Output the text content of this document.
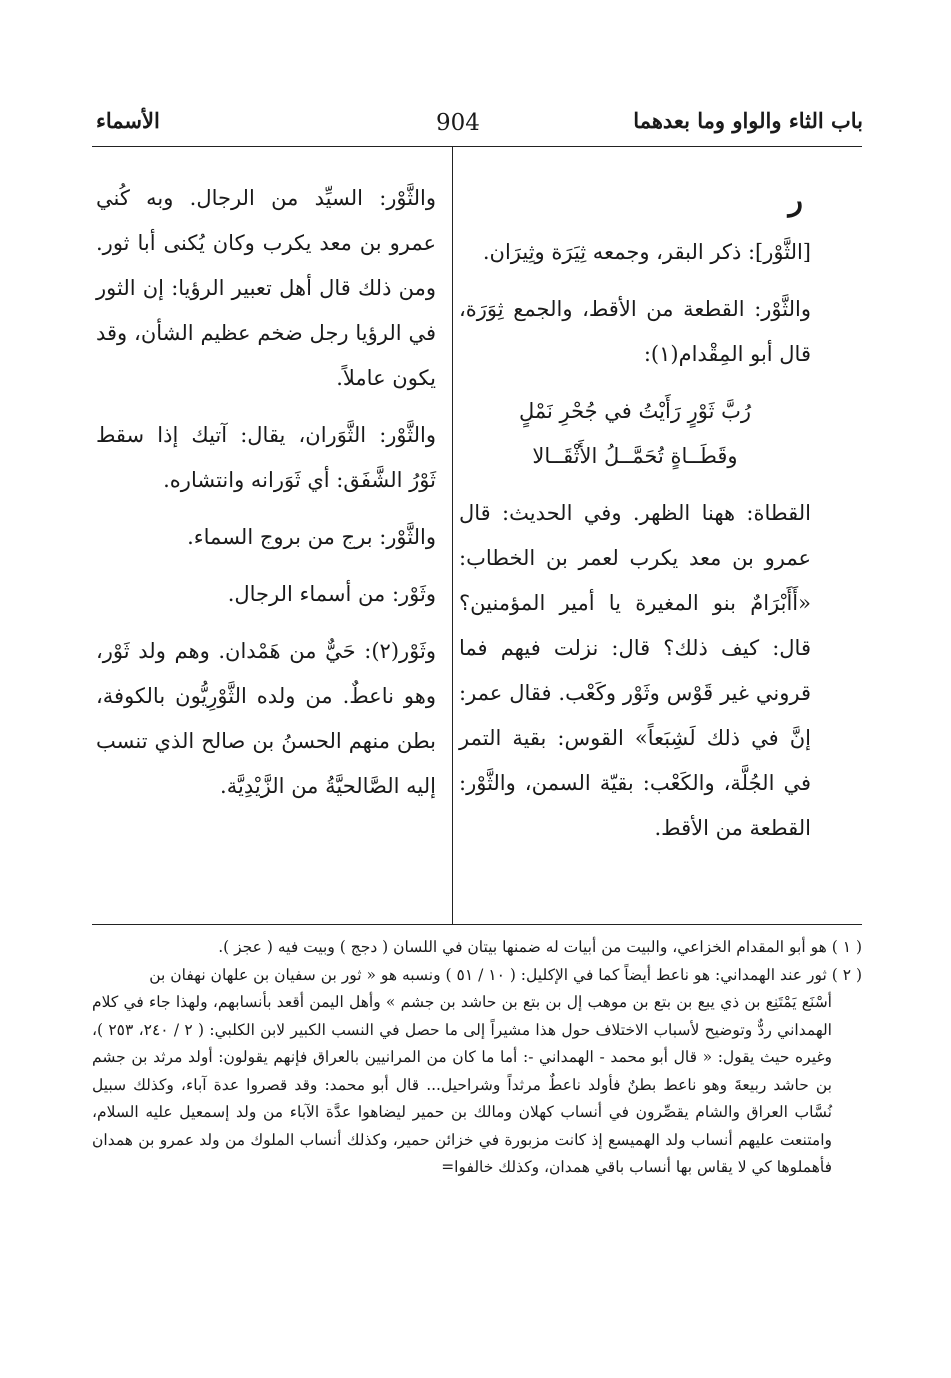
باب الثاء والواو وما بعدهما
904
الأسماء

ر

[الثَّوْر]: ذكر البقر، وجمعه ثِيَرَة وثِيرَان.

والثَّوْر: القطعة من الأقط، والجمع ثِوَرَة، قال أبو المِقْدام(١):

رُبَّ ثَوْرٍ رَأَيْتُ في جُحْرِ نَمْلٍ

وقَطَــاةٍ تُحَمَّــلُ الأَثْقَــالا

القطاة: ههنا الظهر. وفي الحديث: قال عمرو بن معد يكرب لعمر بن الخطاب: «أَأَبْرَامٌ بنو المغيرة يا أمير المؤمنين؟ قال: كيف ذلك؟ قال: نزلت فيهم فما قروني غير قَوْس وثَوْر وكَعْب. فقال عمر: إنَّ في ذلك لَشِبَعاً» القوس: بقية التمر في الجُلَّة، والكَعْب: بقيّة السمن، والثَّوْر: القطعة من الأقط.

والثَّوْر: السيِّد من الرجال. وبه كُني عمرو بن معد يكرب وكان يُكنى أبا ثور. ومن ذلك قال أهل تعبير الرؤيا: إن الثور في الرؤيا رجل ضخم عظيم الشأن، وقد يكون عاملاً.

والثَّوْر: الثَّوَران، يقال: آتيك إذا سقط ثَوْرُ الشَّفَق: أي ثَوَرانه وانتشاره.

والثَّوْر: برج من بروج السماء.

وثَوْر: من أسماء الرجال.

وثَوْر(٢): حَيٌّ من هَمْدان. وهم ولد ثَوْر، وهو ناعطٌ. من ولده الثَّوْرِيُّون بالكوفة، بطن منهم الحسنُ بن صالح الذي تنسب إليه الصَّالحيَّةُ من الزَّيْدِيَّة.

( ١ ) هو أبو المقدام الخزاعي، والبيت من أبيات له ضمنها بيتان في اللسان ( دجج ) وبيت فيه ( عجز ).

( ٢ ) ثور عند الهمداني: هو ناعط أيضاً كما في الإكليل: ( ١٠ / ٥١ ) ونسبه هو « ثور بن سفيان بن علهان نهفان بن

أسْنَع يَمْتَنِع بن ذي يبع بن بتع بن موهب إل بن بتع بن حاشد بن جشم » وأهل اليمن أقعد بأنسابهم، ولهذا جاء في كلام الهمداني ردٌّ وتوضيح لأسباب الاختلاف حول هذا مشيراً إلى ما حصل في النسب الكبير لابن الكلبي: ( ٢ / ٢٤٠، ٢٥٣ )، وغيره حيث يقول: « قال أبو محمد - الهمداني -: أما ما كان من المرانيين بالعراق فإنهم يقولون: أولد مرثد بن جشم بن حاشد ربيعةَ وهو ناعط بطنٌ فأولد ناعطٌ مرثداً وشراحيل... قال أبو محمد: وقد قصروا عدة آباء، وكذلك سبيل نُسَّاب العراق والشام يقصِّرون في أنساب كهلان ومالك بن حمير ليضاهوا عدَّة الآباء من ولد إسمعيل عليه السلام، وامتنعت عليهم أنساب ولد الهميسع إذ كانت مزبورة في خزائن حمير، وكذلك أنساب الملوك من ولد عمرو بن همدان فأهملوها كي لا يقاس بها أنساب باقي همدان، وكذلك خالفوا=
